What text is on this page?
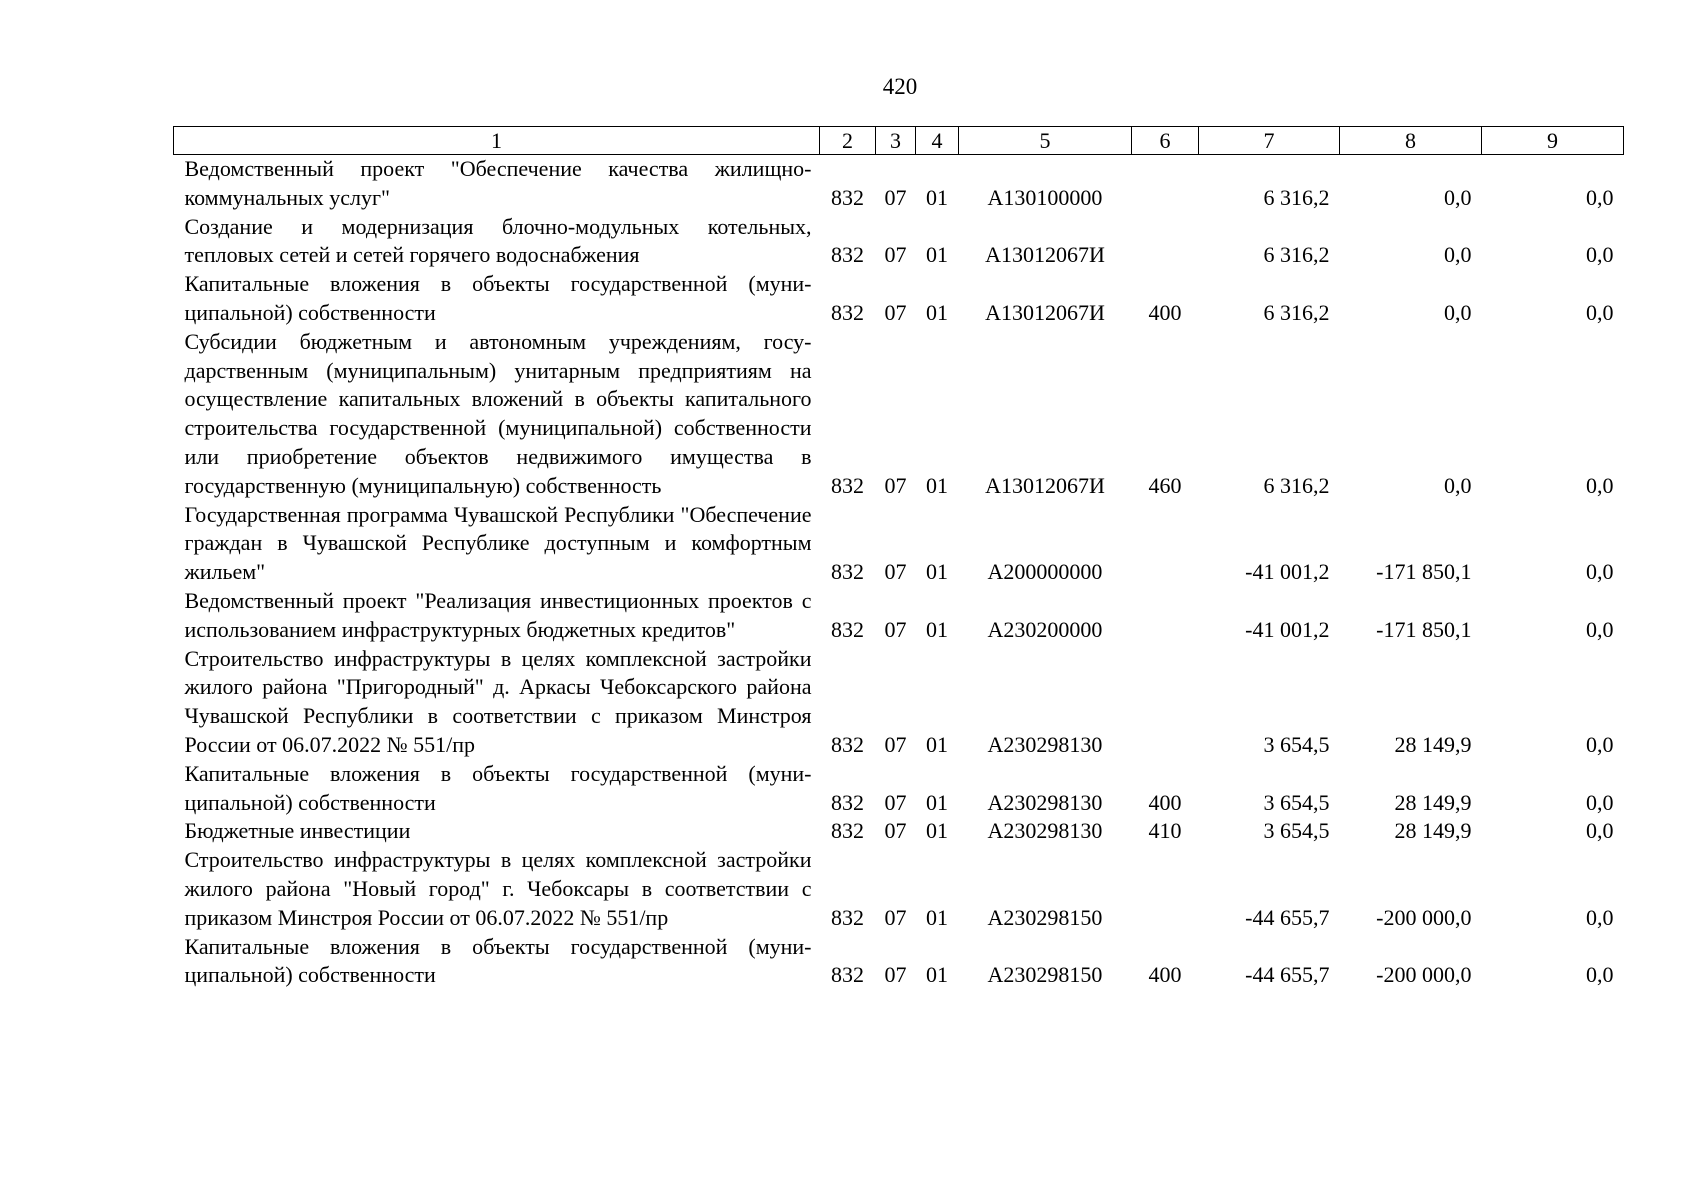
420
1	2	3	4	5	6	7	8	9
Ведомственный проект "Обеспечение качества жилищно-коммунальных услуг"	832	07	01	А130100000		6 316,2	0,0	0,0
Создание и модернизация блочно-модульных котельных, тепловых сетей и сетей горячего водоснабжения	832	07	01	А13012067И		6 316,2	0,0	0,0
Капитальные вложения в объекты государственной (муниципальной) собственности	832	07	01	А13012067И	400	6 316,2	0,0	0,0
Субсидии бюджетным и автономным учреждениям, государственным (муниципальным) унитарным предприятиям на осуществление капитальных вложений в объекты капитального строительства государственной (муниципальной) собственности или приобретение объектов недвижимого имущества в государственную (муниципальную) собственность	832	07	01	А13012067И	460	6 316,2	0,0	0,0
Государственная программа Чувашской Республики "Обеспечение граждан в Чувашской Республике доступным и комфортным жильем"	832	07	01	А200000000		-41 001,2	-171 850,1	0,0
Ведомственный проект "Реализация инвестиционных проектов с использованием инфраструктурных бюджетных кредитов"	832	07	01	А230200000		-41 001,2	-171 850,1	0,0
Строительство инфраструктуры в целях комплексной застройки жилого района "Пригородный" д. Аркасы Чебоксарского района Чувашской Республики в соответствии с приказом Минстроя России от 06.07.2022 № 551/пр	832	07	01	А230298130		3 654,5	28 149,9	0,0
Капитальные вложения в объекты государственной (муниципальной) собственности	832	07	01	А230298130	400	3 654,5	28 149,9	0,0
Бюджетные инвестиции	832	07	01	А230298130	410	3 654,5	28 149,9	0,0
Строительство инфраструктуры в целях комплексной застройки жилого района "Новый город" г. Чебоксары в соответствии с приказом Минстроя России от 06.07.2022 № 551/пр	832	07	01	А230298150		-44 655,7	-200 000,0	0,0
Капитальные вложения в объекты государственной (муниципальной) собственности	832	07	01	А230298150	400	-44 655,7	-200 000,0	0,0
